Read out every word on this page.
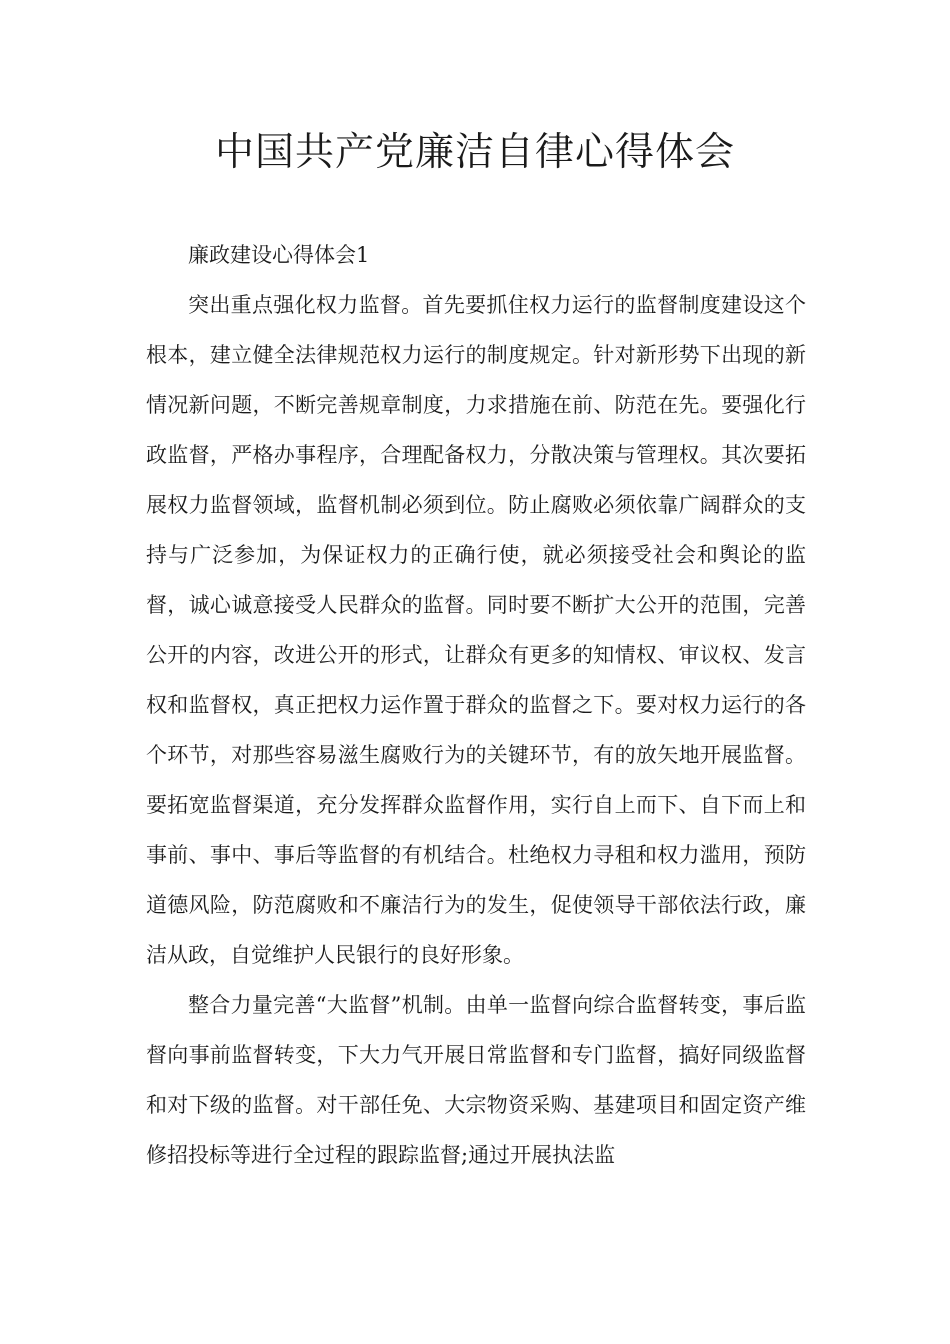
中国共产党廉洁自律心得体会
廉政建设心得体会1

突出重点强化权力监督。首先要抓住权力运行的监督制度建设这个根本，建立健全法律规范权力运行的制度规定。针对新形势下出现的新情况新问题，不断完善规章制度，力求措施在前、防范在先。要强化行政监督，严格办事程序，合理配备权力，分散决策与管理权。其次要拓展权力监督领域，监督机制必须到位。防止腐败必须依靠广阔群众的支持与广泛参加，为保证权力的正确行使，就必须接受社会和舆论的监督，诚心诚意接受人民群众的监督。同时要不断扩大公开的范围，完善公开的内容，改进公开的形式，让群众有更多的知情权、审议权、发言权和监督权，真正把权力运作置于群众的监督之下。要对权力运行的各个环节，对那些容易滋生腐败行为的关键环节，有的放矢地开展监督。要拓宽监督渠道，充分发挥群众监督作用，实行自上而下、自下而上和事前、事中、事后等监督的有机结合。杜绝权力寻租和权力滥用，预防道德风险，防范腐败和不廉洁行为的发生，促使领导干部依法行政，廉洁从政，自觉维护人民银行的良好形象。

整合力量完善“大监督”机制。由单一监督向综合监督转变，事后监督向事前监督转变，下大力气开展日常监督和专门监督，搞好同级监督和对下级的监督。对干部任免、大宗物资采购、基建项目和固定资产维修招投标等进行全过程的跟踪监督;通过开展执法监
